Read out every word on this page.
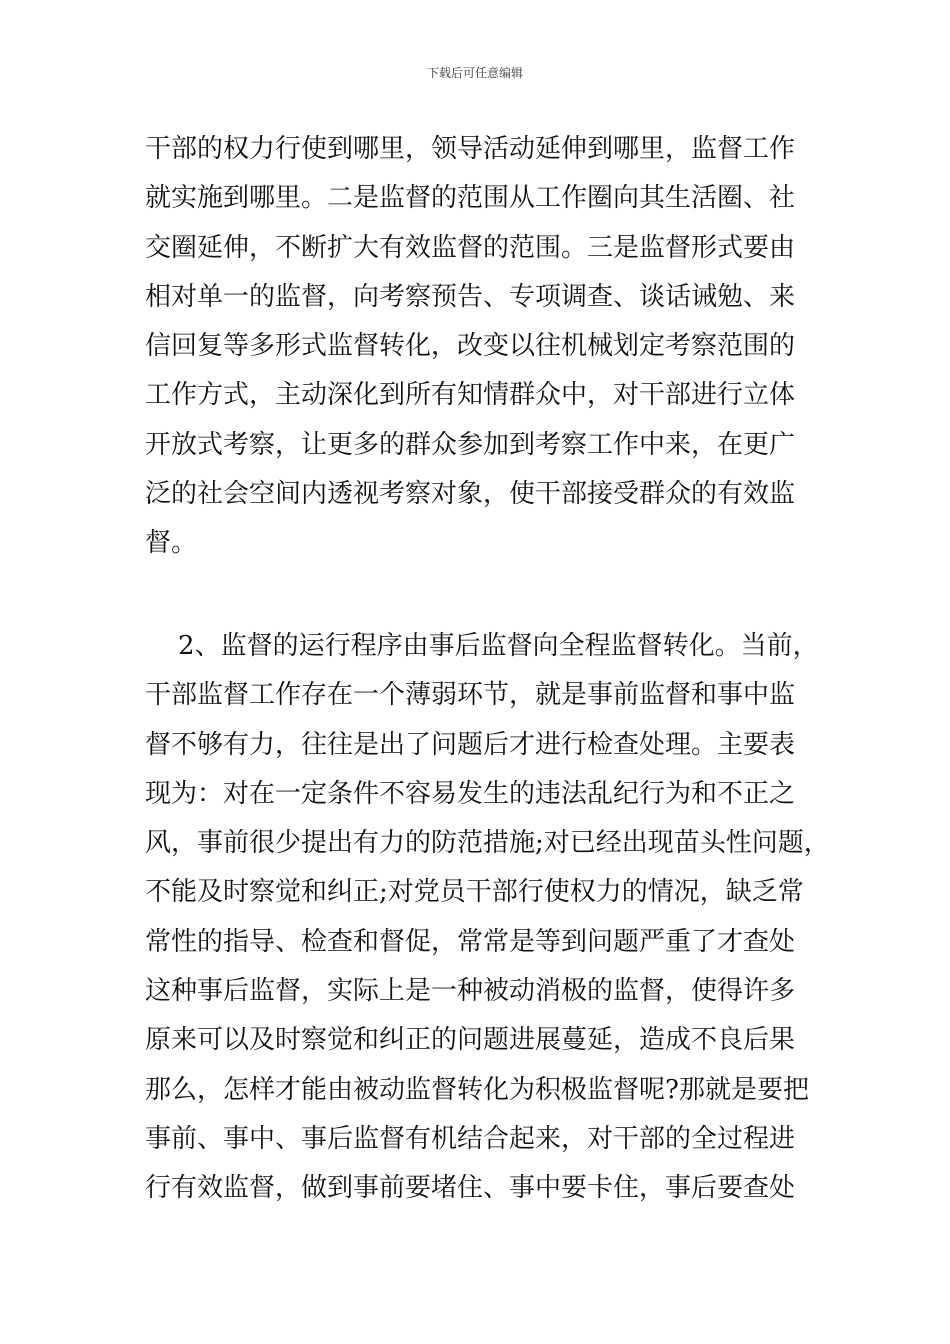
下载后可任意编辑
干部的权力行使到哪里，领导活动延伸到哪里，监督工作
就实施到哪里。二是监督的范围从工作圈向其生活圈、社
交圈延伸，不断扩大有效监督的范围。三是监督形式要由
相对单一的监督，向考察预告、专项调查、谈话诫勉、来
信回复等多形式监督转化，改变以往机械划定考察范围的
工作方式，主动深化到所有知情群众中，对干部进行立体
开放式考察，让更多的群众参加到考察工作中来，在更广
泛的社会空间内透视考察对象，使干部接受群众的有效监
督。
2、监督的运行程序由事后监督向全程监督转化。当前，
干部监督工作存在一个薄弱环节，就是事前监督和事中监
督不够有力，往往是出了问题后才进行检查处理。主要表
现为：对在一定条件不容易发生的违法乱纪行为和不正之
风，事前很少提出有力的防范措施;对已经出现苗头性问题，
不能及时察觉和纠正;对党员干部行使权力的情况，缺乏常
常性的指导、检查和督促，常常是等到问题严重了才查处
这种事后监督，实际上是一种被动消极的监督，使得许多
原来可以及时察觉和纠正的问题进展蔓延，造成不良后果
那么，怎样才能由被动监督转化为积极监督呢?那就是要把
事前、事中、事后监督有机结合起来，对干部的全过程进
行有效监督，做到事前要堵住、事中要卡住，事后要查处
